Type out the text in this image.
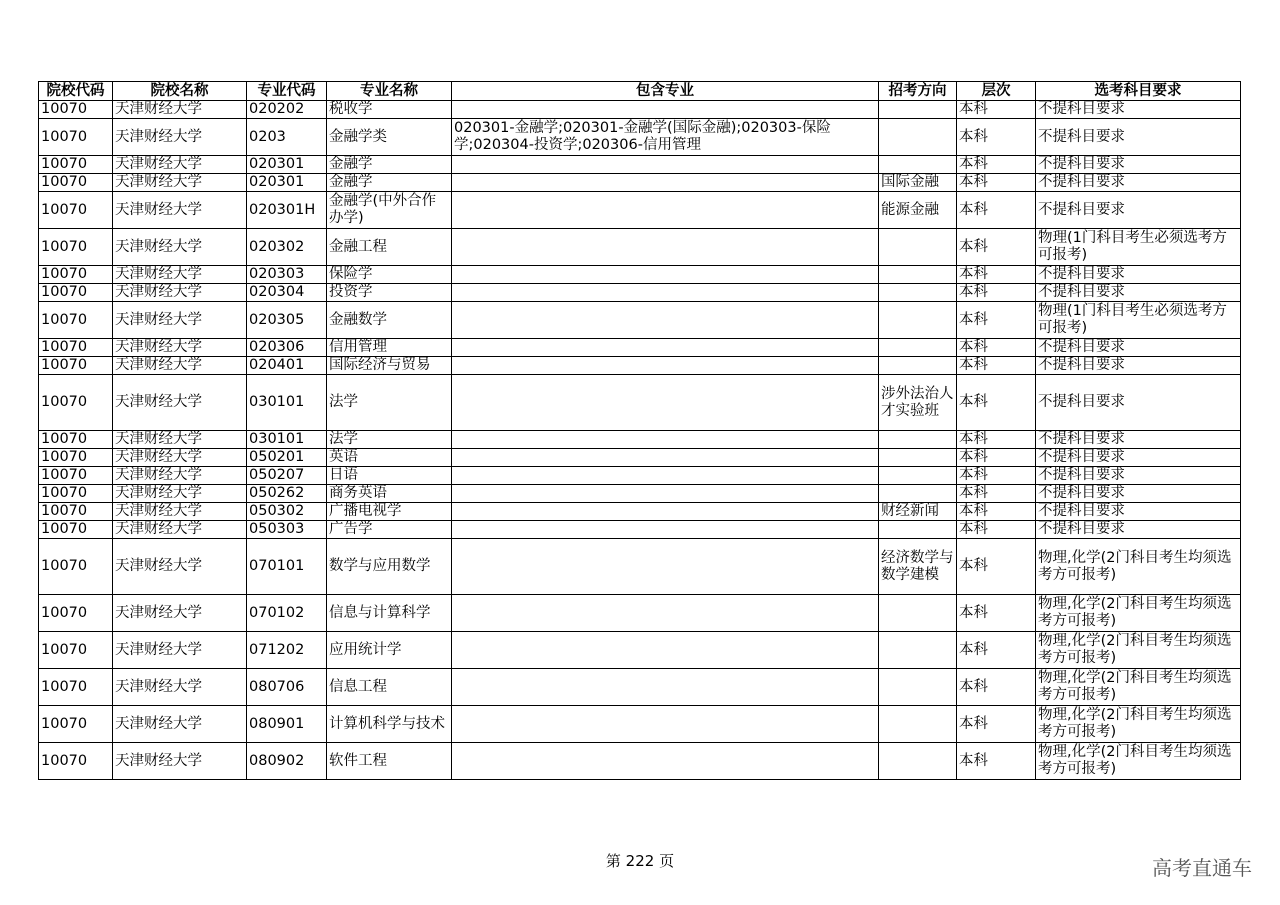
院校代码	院校名称	专业代码	专业名称	包含专业	招考方向	层次	选考科目要求
10070	天津财经大学	020202	税收学			本科	不提科目要求
10070	天津财经大学	0203	金融学类	020301-金融学;020301-金融学(国际金融);020303-保险学;020304-投资学;020306-信用管理		本科	不提科目要求
10070	天津财经大学	020301	金融学			本科	不提科目要求
10070	天津财经大学	020301	金融学		国际金融	本科	不提科目要求
10070	天津财经大学	020301H	金融学(中外合作办学)		能源金融	本科	不提科目要求
10070	天津财经大学	020302	金融工程			本科	物理(1门科目考生必须选考方可报考)
10070	天津财经大学	020303	保险学			本科	不提科目要求
10070	天津财经大学	020304	投资学			本科	不提科目要求
10070	天津财经大学	020305	金融数学			本科	物理(1门科目考生必须选考方可报考)
10070	天津财经大学	020306	信用管理			本科	不提科目要求
10070	天津财经大学	020401	国际经济与贸易			本科	不提科目要求
10070	天津财经大学	030101	法学		涉外法治人才实验班	本科	不提科目要求
10070	天津财经大学	030101	法学			本科	不提科目要求
10070	天津财经大学	050201	英语			本科	不提科目要求
10070	天津财经大学	050207	日语			本科	不提科目要求
10070	天津财经大学	050262	商务英语			本科	不提科目要求
10070	天津财经大学	050302	广播电视学		财经新闻	本科	不提科目要求
10070	天津财经大学	050303	广告学			本科	不提科目要求
10070	天津财经大学	070101	数学与应用数学		经济数学与数学建模	本科	物理,化学(2门科目考生均须选考方可报考)
10070	天津财经大学	070102	信息与计算科学			本科	物理,化学(2门科目考生均须选考方可报考)
10070	天津财经大学	071202	应用统计学			本科	物理,化学(2门科目考生均须选考方可报考)
10070	天津财经大学	080706	信息工程			本科	物理,化学(2门科目考生均须选考方可报考)
10070	天津财经大学	080901	计算机科学与技术			本科	物理,化学(2门科目考生均须选考方可报考)
10070	天津财经大学	080902	软件工程			本科	物理,化学(2门科目考生均须选考方可报考)
第 222 页	高考直通车
